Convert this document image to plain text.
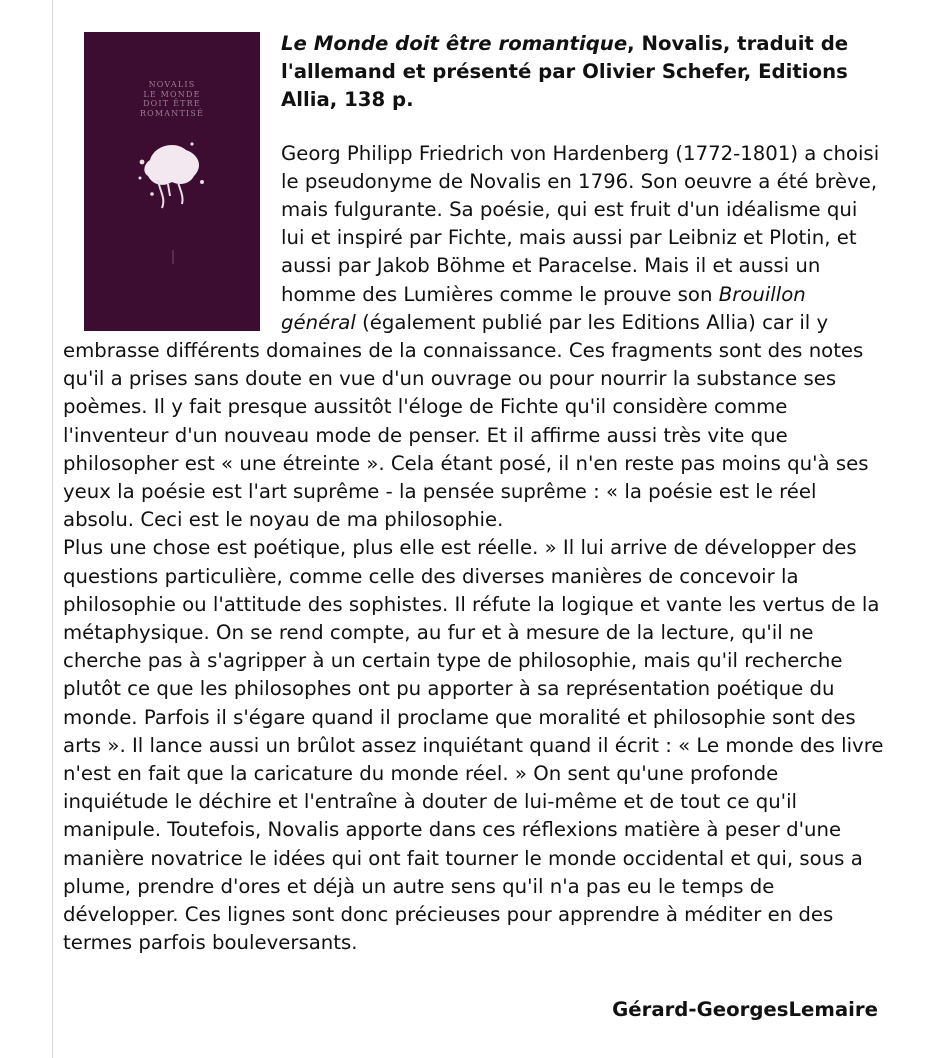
NOVALIS
LE MONDE
DOIT ÊTRE
ROMANTISÉ

Le Monde doit être romantique, Novalis, traduit de l'allemand et présenté par Olivier Schefer, Editions Allia, 138 p.

Georg Philipp Friedrich von Hardenberg (1772-1801) a choisi le pseudonyme de Novalis en 1796. Son oeuvre a été brève, mais fulgurante. Sa poésie, qui est fruit d'un idéalisme qui lui et inspiré par Fichte, mais aussi par Leibniz et Plotin, et aussi par Jakob Böhme et Paracelse. Mais il et aussi un homme des Lumières comme le prouve son Brouillon général (également publié par les Editions Allia) car il y embrasse différents domaines de la connaissance. Ces fragments sont des notes qu'il a prises sans doute en vue d'un ouvrage ou pour nourrir la substance ses poèmes. Il y fait presque aussitôt l'éloge de Fichte qu'il considère comme l'inventeur d'un nouveau mode de penser. Et il affirme aussi très vite que philosopher est « une étreinte ». Cela étant posé, il n'en reste pas moins qu'à ses yeux la poésie est l'art suprême - la pensée suprême : « la poésie est le réel absolu. Ceci est le noyau de ma philosophie.

Plus une chose est poétique, plus elle est réelle. » Il lui arrive de développer des questions particulière, comme celle des diverses manières de concevoir la philosophie ou l'attitude des sophistes. Il réfute la logique et vante les vertus de la métaphysique. On se rend compte, au fur et à mesure de la lecture, qu'il ne cherche pas à s'agripper à un certain type de philosophie, mais qu'il recherche plutôt ce que les philosophes ont pu apporter à sa représentation poétique du monde. Parfois il s'égare quand il proclame que moralité et philosophie sont des arts ». Il lance aussi un brûlot assez inquiétant quand il écrit : « Le monde des livre n'est en fait que la caricature du monde réel. » On sent qu'une profonde inquiétude le déchire et l'entraîne à douter de lui-même et de tout ce qu'il manipule. Toutefois, Novalis apporte dans ces réflexions matière à peser d'une manière novatrice le idées qui ont fait tourner le monde occidental et qui, sous a plume, prendre d'ores et déjà un autre sens qu'il n'a pas eu le temps de développer. Ces lignes sont donc précieuses pour apprendre à méditer en des termes parfois bouleversants.

Gérard-GeorgesLemaire
